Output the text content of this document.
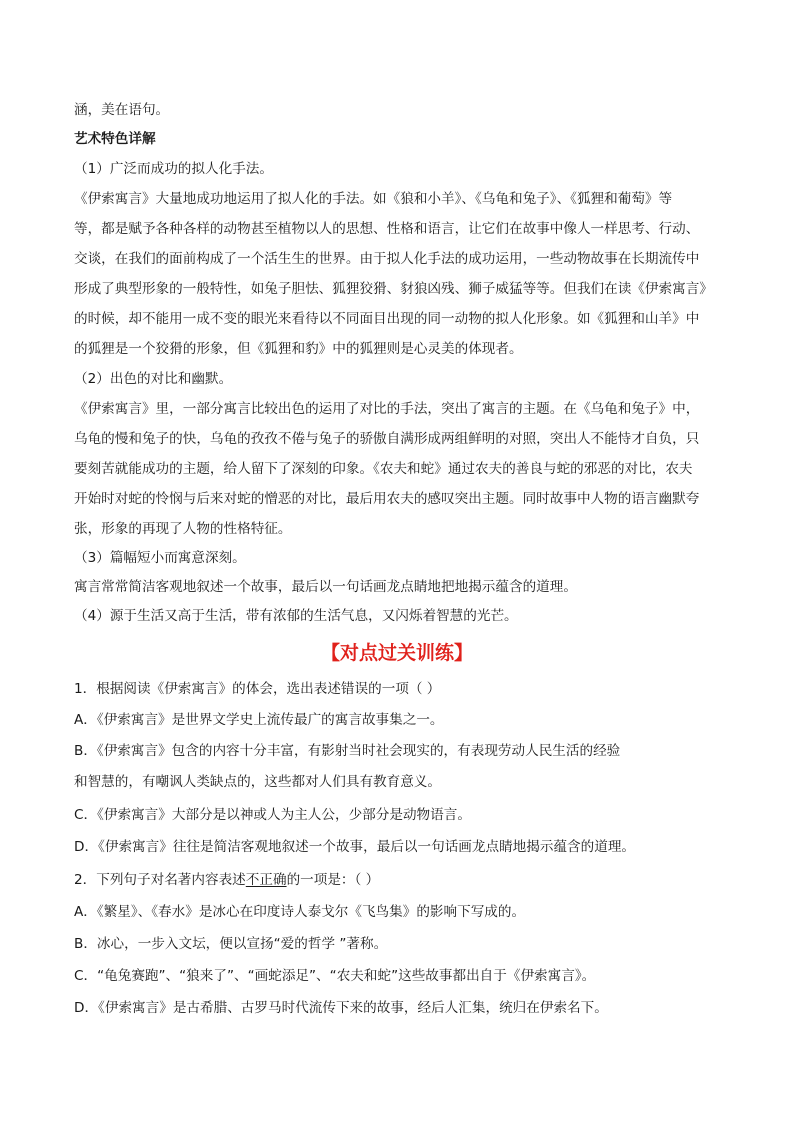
涵，美在语句。
艺术特色详解
（1）广泛而成功的拟人化手法。
《伊索寓言》大量地成功地运用了拟人化的手法。如《狼和小羊》、《乌龟和兔子》、《狐狸和葡萄》等
等，都是赋予各种各样的动物甚至植物以人的思想、性格和语言，让它们在故事中像人一样思考、行动、
交谈，在我们的面前构成了一个活生生的世界。由于拟人化手法的成功运用，一些动物故事在长期流传中
形成了典型形象的一般特性，如兔子胆怯、狐狸狡猾、豺狼凶残、狮子威猛等等。但我们在读《伊索寓言》
的时候，却不能用一成不变的眼光来看待以不同面目出现的同一动物的拟人化形象。如《狐狸和山羊》中
的狐狸是一个狡猾的形象，但《狐狸和豹》中的狐狸则是心灵美的体现者。
（2）出色的对比和幽默。
《伊索寓言》里，一部分寓言比较出色的运用了对比的手法，突出了寓言的主题。在《乌龟和兔子》中，
乌龟的慢和兔子的快，乌龟的孜孜不倦与兔子的骄傲自满形成两组鲜明的对照，突出人不能恃才自负，只
要刻苦就能成功的主题，给人留下了深刻的印象。《农夫和蛇》通过农夫的善良与蛇的邪恶的对比，农夫
开始时对蛇的怜悯与后来对蛇的憎恶的对比，最后用农夫的感叹突出主题。同时故事中人物的语言幽默夸
张，形象的再现了人物的性格特征。
（3）篇幅短小而寓意深刻。
寓言常常简洁客观地叙述一个故事，最后以一句话画龙点睛地把地揭示蕴含的道理。
（4）源于生活又高于生活，带有浓郁的生活气息，又闪烁着智慧的光芒。
【对点过关训练】
1．根据阅读《伊索寓言》的体会，选出表述错误的一项（ ）
A．《伊索寓言》是世界文学史上流传最广的寓言故事集之一。
B．《伊索寓言》包含的内容十分丰富，有影射当时社会现实的，有表现劳动人民生活的经验
和智慧的，有嘲讽人类缺点的，这些都对人们具有教育意义。
C．《伊索寓言》大部分是以神或人为主人公，少部分是动物语言。
D．《伊索寓言》往往是简洁客观地叙述一个故事，最后以一句话画龙点睛地揭示蕴含的道理。
2．下列句子对名著内容表述不正确的一项是：（ ）
A．《繁星》、《春水》是冰心在印度诗人泰戈尔《飞鸟集》的影响下写成的。
B．冰心，一步入文坛，便以宣扬“爱的哲学 ”著称。
C．“龟兔赛跑”、“狼来了”、“画蛇添足”、“农夫和蛇”这些故事都出自于《伊索寓言》。
D．《伊索寓言》是古希腊、古罗马时代流传下来的故事，经后人汇集，统归在伊索名下。
